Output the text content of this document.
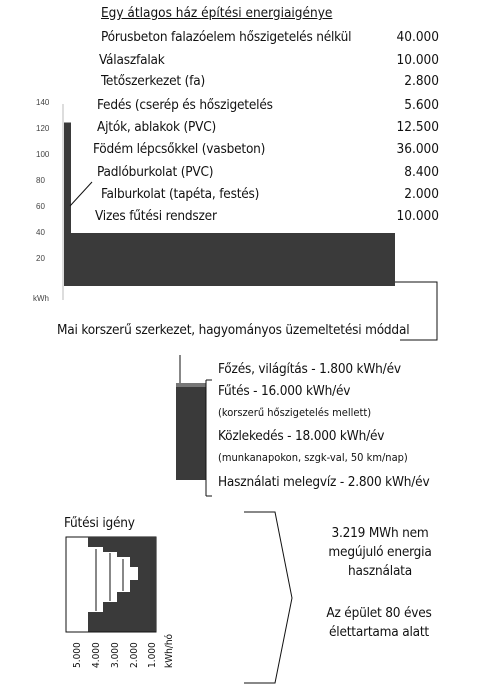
Egy átlagos ház építési energiaigénye
140
120
100
80
60
40
20
kWh
Pórusbeton falazóelem hőszigetelés nélkül	40.000
Válaszfalak	10.000
Tetőszerkezet (fa)	2.800
Fedés (cserép és hőszigetelés	5.600
Ajtók, ablakok (PVC)	12.500
Födém lépcsőkkel (vasbeton)	36.000
Padlóburkolat (PVC)	8.400
Falburkolat (tapéta, festés)	2.000
Vizes fűtési rendszer	10.000
Mai korszerű szerkezet, hagyományos üzemeltetési móddal
Főzés, világítás - 1.800 kWh/év
Fűtés - 16.000 kWh/év
(korszerű hőszigetelés mellett)
Közlekedés - 18.000 kWh/év
(munkanapokon, szgk-val, 50 km/nap)
Használati melegvíz - 2.800 kWh/év
Fűtési igény
5.000 4.000 3.000 2.000 1.000 kWh/hó
3.219 MWh nem megújuló energia használata
Az épület 80 éves élettartama alatt
